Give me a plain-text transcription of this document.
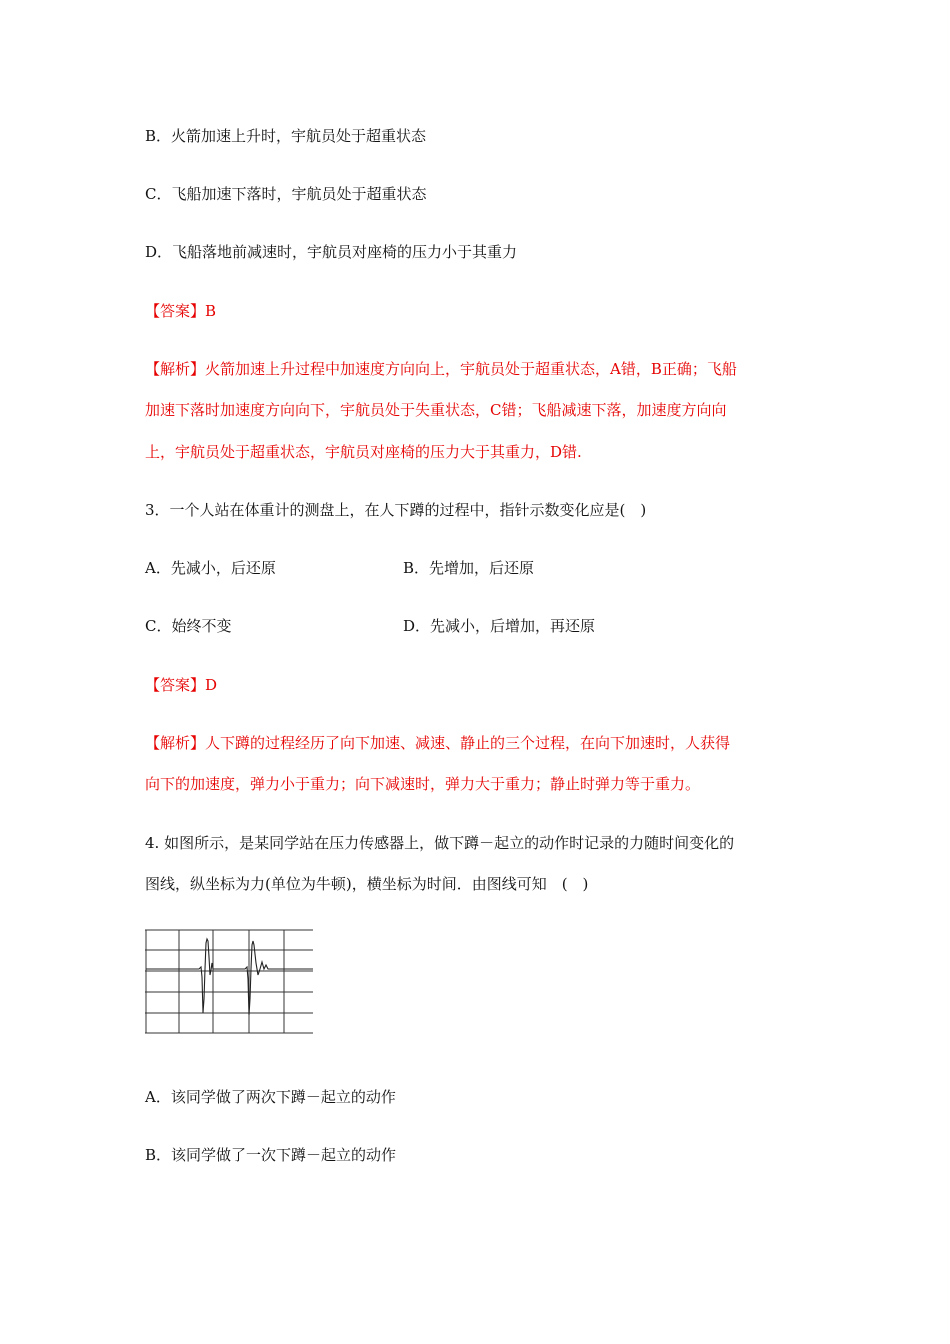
B．火箭加速上升时，宇航员处于超重状态
C．飞船加速下落时，宇航员处于超重状态
D．飞船落地前减速时，宇航员对座椅的压力小于其重力
【答案】B
【解析】火箭加速上升过程中加速度方向向上，宇航员处于超重状态，A错，B正确；飞船
加速下落时加速度方向向下，宇航员处于失重状态，C错；飞船减速下落，加速度方向向
上，宇航员处于超重状态，宇航员对座椅的压力大于其重力，D错.
3．一个人站在体重计的测盘上，在人下蹲的过程中，指针示数变化应是(　)
A．先减小，后还原	B．先增加，后还原
C．始终不变	D．先减小，后增加，再还原
【答案】D
【解析】人下蹲的过程经历了向下加速、减速、静止的三个过程，在向下加速时，人获得
向下的加速度，弹力小于重力；向下减速时，弹力大于重力；静止时弹力等于重力。
4. 如图所示，是某同学站在压力传感器上，做下蹲－起立的动作时记录的力随时间变化的
图线，纵坐标为力(单位为牛顿)，横坐标为时间．由图线可知　(　)
A．该同学做了两次下蹲－起立的动作
B．该同学做了一次下蹲－起立的动作
